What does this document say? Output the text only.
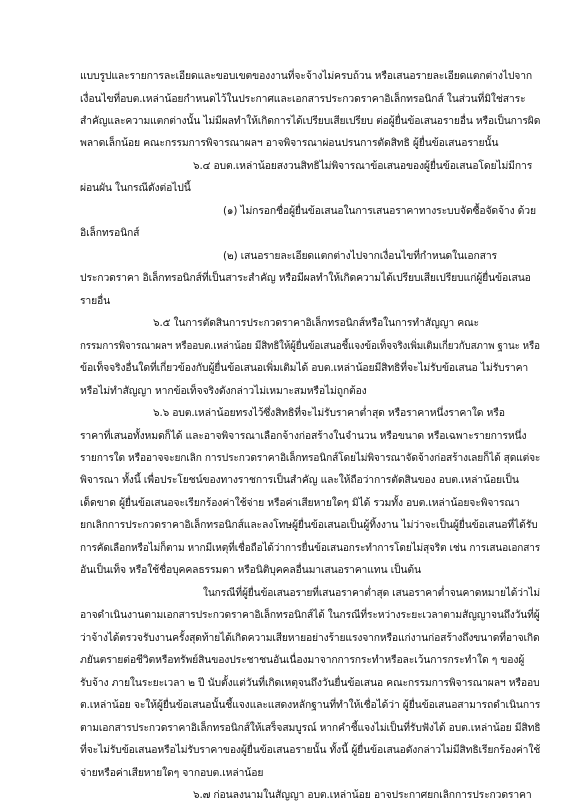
แบบรูปและรายการละเอียดและขอบเขตของงานที่จะจ้างไม่ครบถ้วน หรือเสนอรายละเอียดแตกต่างไปจาก
เงื่อนไขที่อบต.เหล่าน้อยกำหนดไว้ในประกาศและเอกสารประกวดราคาอิเล็กทรอนิกส์ ในส่วนที่มิใช่สาระ
สำคัญและความแตกต่างนั้น ไม่มีผลทำให้เกิดการได้เปรียบเสียเปรียบ ต่อผู้ยื่นข้อเสนอรายอื่น หรือเป็นการผิด
พลาดเล็กน้อย คณะกรรมการพิจารณาผลฯ อาจพิจารณาผ่อนปรนการตัดสิทธิ ผู้ยื่นข้อเสนอรายนั้น
๖.๔ อบต.เหล่าน้อยสงวนสิทธิไม่พิจารณาข้อเสนอของผู้ยื่นข้อเสนอโดยไม่มีการ
ผ่อนผัน ในกรณีดังต่อไปนี้
(๑) ไม่กรอกชื่อผู้ยื่นข้อเสนอในการเสนอราคาทางระบบจัดซื้อจัดจ้าง ด้วย
อิเล็กทรอนิกส์
(๒) เสนอรายละเอียดแตกต่างไปจากเงื่อนไขที่กำหนดในเอกสาร
ประกวดราคา อิเล็กทรอนิกส์ที่เป็นสาระสำคัญ หรือมีผลทำให้เกิดความได้เปรียบเสียเปรียบแก่ผู้ยื่นข้อเสนอ
รายอื่น
๖.๕ ในการตัดสินการประกวดราคาอิเล็กทรอนิกส์หรือในการทำสัญญา คณะ
กรรมการพิจารณาผลฯ หรืออบต.เหล่าน้อย มีสิทธิให้ผู้ยื่นข้อเสนอชี้แจงข้อเท็จจริงเพิ่มเติมเกี่ยวกับสภาพ ฐานะ หรือ
ข้อเท็จจริงอื่นใดที่เกี่ยวข้องกับผู้ยื่นข้อเสนอเพิ่มเติมได้ อบต.เหล่าน้อยมีสิทธิที่จะไม่รับข้อเสนอ ไม่รับราคา
หรือไม่ทำสัญญา หากข้อเท็จจริงดังกล่าวไม่เหมาะสมหรือไม่ถูกต้อง
๖.๖ อบต.เหล่าน้อยทรงไว้ซึ่งสิทธิที่จะไม่รับราคาต่ำสุด หรือราคาหนึ่งราคาใด หรือ
ราคาที่เสนอทั้งหมดก็ได้ และอาจพิจารณาเลือกจ้างก่อสร้างในจำนวน หรือขนาด หรือเฉพาะรายการหนึ่ง
รายการใด หรืออาจจะยกเลิก การประกวดราคาอิเล็กทรอนิกส์โดยไม่พิจารณาจัดจ้างก่อสร้างเลยก็ได้ สุดแต่จะ
พิจารณา ทั้งนี้ เพื่อประโยชน์ของทางราชการเป็นสำคัญ และให้ถือว่าการตัดสินของ อบต.เหล่าน้อยเป็น
เด็ดขาด ผู้ยื่นข้อเสนอจะเรียกร้องค่าใช้จ่าย หรือค่าเสียหายใดๆ มิได้ รวมทั้ง อบต.เหล่าน้อยจะพิจารณา
ยกเลิกการประกวดราคาอิเล็กทรอนิกส์และลงโทษผู้ยื่นข้อเสนอเป็นผู้ทิ้งงาน ไม่ว่าจะเป็นผู้ยื่นข้อเสนอที่ได้รับ
การคัดเลือกหรือไม่ก็ตาม หากมีเหตุที่เชื่อถือได้ว่าการยื่นข้อเสนอกระทำการโดยไม่สุจริต เช่น การเสนอเอกสาร
อันเป็นเท็จ หรือใช้ชื่อบุคคลธรรมดา หรือนิติบุคคลอื่นมาเสนอราคาแทน เป็นต้น
ในกรณีที่ผู้ยื่นข้อเสนอรายที่เสนอราคาต่ำสุด เสนอราคาต่ำจนคาดหมายได้ว่าไม่
อาจดำเนินงานตามเอกสารประกวดราคาอิเล็กทรอนิกส์ได้ ในกรณีที่ระหว่างระยะเวลาตามสัญญาจนถึงวันที่ผู้
ว่าจ้างได้ตรวจรับงานครั้งสุดท้ายได้เกิดความเสียหายอย่างร้ายแรงจากหรือแก่งานก่อสร้างถึงขนาดที่อาจเกิด
ภยันตรายต่อชีวิตหรือทรัพย์สินของประชาชนอันเนื่องมาจากการกระทำหรือละเว้นการกระทำใด ๆ ของผู้
รับจ้าง ภายในระยะเวลา ๒ ปี นับตั้งแต่วันที่เกิดเหตุจนถึงวันยื่นข้อเสนอ คณะกรรมการพิจารณาผลฯ หรืออบ
ต.เหล่าน้อย จะให้ผู้ยื่นข้อเสนอนั้นชี้แจงและแสดงหลักฐานที่ทำให้เชื่อได้ว่า ผู้ยื่นข้อเสนอสามารถดำเนินการ
ตามเอกสารประกวดราคาอิเล็กทรอนิกส์ให้เสร็จสมบูรณ์ หากคำชี้แจงไม่เป็นที่รับฟังได้ อบต.เหล่าน้อย มีสิทธิ
ที่จะไม่รับข้อเสนอหรือไม่รับราคาของผู้ยื่นข้อเสนอรายนั้น ทั้งนี้ ผู้ยื่นข้อเสนอดังกล่าวไม่มีสิทธิเรียกร้องค่าใช้
จ่ายหรือค่าเสียหายใดๆ จากอบต.เหล่าน้อย
๖.๗ ก่อนลงนามในสัญญา อบต.เหล่าน้อย อาจประกาศยกเลิกการประกวดราคา
